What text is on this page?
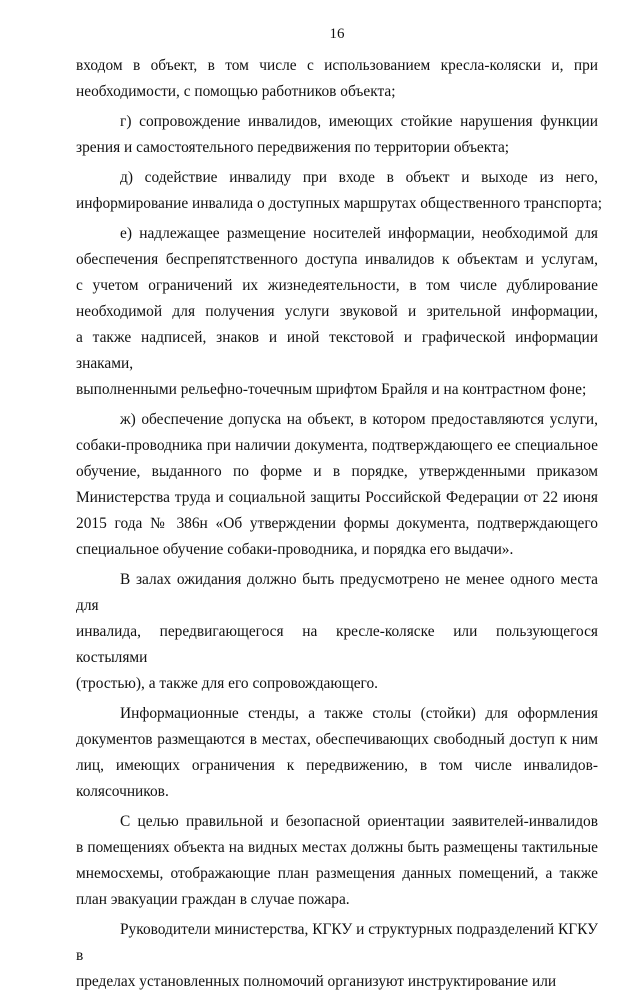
16
входом в объект, в том числе с использованием кресла-коляски и, при
необходимости, с помощью работников объекта;
г) сопровождение инвалидов, имеющих стойкие нарушения функции
зрения и самостоятельного передвижения по территории объекта;
д) содействие инвалиду при входе в объект и выходе из него,
информирование инвалида о доступных маршрутах общественного транспорта;
е) надлежащее размещение носителей информации, необходимой для
обеспечения беспрепятственного доступа инвалидов к объектам и услугам,
с учетом ограничений их жизнедеятельности, в том числе дублирование
необходимой для получения услуги звуковой и зрительной информации,
а также надписей, знаков и иной текстовой и графической информации знаками,
выполненными рельефно-точечным шрифтом Брайля и на контрастном фоне;
ж) обеспечение допуска на объект, в котором предоставляются услуги,
собаки-проводника при наличии документа, подтверждающего ее специальное
обучение, выданного по форме и в порядке, утвержденными приказом
Министерства труда и социальной защиты Российской Федерации от 22 июня
2015 года № 386н «Об утверждении формы документа, подтверждающего
специальное обучение собаки-проводника, и порядка его выдачи».
В залах ожидания должно быть предусмотрено не менее одного места для
инвалида, передвигающегося на кресле-коляске или пользующегося костылями
(тростью), а также для его сопровождающего.
Информационные стенды, а также столы (стойки) для оформления
документов размещаются в местах, обеспечивающих свободный доступ к ним
лиц, имеющих ограничения к передвижению, в том числе инвалидов-
колясочников.
С целью правильной и безопасной ориентации заявителей-инвалидов
в помещениях объекта на видных местах должны быть размещены тактильные
мнемосхемы, отображающие план размещения данных помещений, а также
план эвакуации граждан в случае пожара.
Руководители министерства, КГКУ и структурных подразделений КГКУ в
пределах установленных полномочий организуют инструктирование или
